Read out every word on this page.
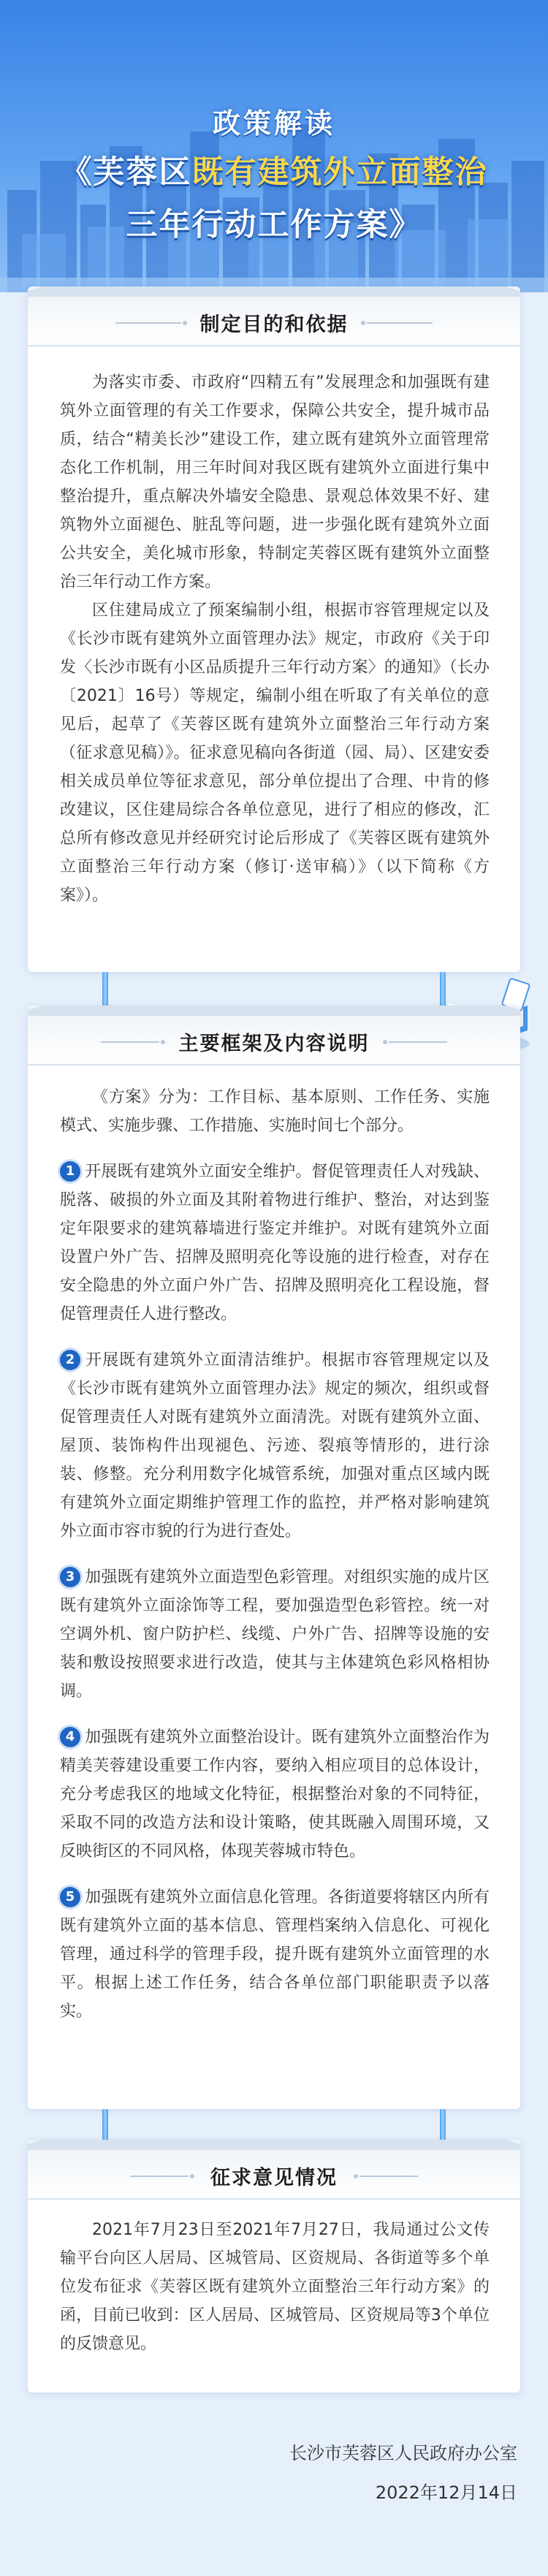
政策解读
《芙蓉区既有建筑外立面整治
三年行动工作方案》
制定目的和依据

为落实市委、市政府“四精五有”发展理念和加强既有建筑外立面管理的有关工作要求，保障公共安全，提升城市品质，结合“精美长沙”建设工作，建立既有建筑外立面管理常态化工作机制，用三年时间对我区既有建筑外立面进行集中整治提升，重点解决外墙安全隐患、景观总体效果不好、建筑物外立面褪色、脏乱等问题，进一步强化既有建筑外立面公共安全，美化城市形象，特制定芙蓉区既有建筑外立面整治三年行动工作方案。

区住建局成立了预案编制小组，根据市容管理规定以及《长沙市既有建筑外立面管理办法》规定，市政府《关于印发〈长沙市既有小区品质提升三年行动方案〉的通知》（长办〔2021〕16号）等规定，编制小组在听取了有关单位的意见后，起草了《芙蓉区既有建筑外立面整治三年行动方案（征求意见稿）》。征求意见稿向各街道（园、局）、区建安委相关成员单位等征求意见，部分单位提出了合理、中肯的修改建议，区住建局综合各单位意见，进行了相应的修改，汇总所有修改意见并经研究讨论后形成了《芙蓉区既有建筑外立面整治三年行动方案（修订·送审稿）》（以下简称《方案》）。

主要框架及内容说明

《方案》分为：工作目标、基本原则、工作任务、实施模式、实施步骤、工作措施、实施时间七个部分。

1 开展既有建筑外立面安全维护。督促管理责任人对残缺、脱落、破损的外立面及其附着物进行维护、整治，对达到鉴定年限要求的建筑幕墙进行鉴定并维护。对既有建筑外立面设置户外广告、招牌及照明亮化等设施的进行检查，对存在安全隐患的外立面户外广告、招牌及照明亮化工程设施，督促管理责任人进行整改。

2 开展既有建筑外立面清洁维护。根据市容管理规定以及《长沙市既有建筑外立面管理办法》规定的频次，组织或督促管理责任人对既有建筑外立面清洗。对既有建筑外立面、屋顶、装饰构件出现褪色、污迹、裂痕等情形的，进行涂装、修整。充分利用数字化城管系统，加强对重点区域内既有建筑外立面定期维护管理工作的监控，并严格对影响建筑外立面市容市貌的行为进行查处。

3 加强既有建筑外立面造型色彩管理。对组织实施的成片区既有建筑外立面涂饰等工程，要加强造型色彩管控。统一对空调外机、窗户防护栏、线缆、户外广告、招牌等设施的安装和敷设按照要求进行改造，使其与主体建筑色彩风格相协调。

4 加强既有建筑外立面整治设计。既有建筑外立面整治作为精美芙蓉建设重要工作内容，要纳入相应项目的总体设计，充分考虑我区的地域文化特征，根据整治对象的不同特征，采取不同的改造方法和设计策略，使其既融入周围环境，又反映街区的不同风格，体现芙蓉城市特色。

5 加强既有建筑外立面信息化管理。各街道要将辖区内所有既有建筑外立面的基本信息、管理档案纳入信息化、可视化管理，通过科学的管理手段，提升既有建筑外立面管理的水平。根据上述工作任务，结合各单位部门职能职责予以落实。

征求意见情况

2021年7月23日至2021年7月27日，我局通过公文传输平台向区人居局、区城管局、区资规局、各街道等多个单位发布征求《芙蓉区既有建筑外立面整治三年行动方案》的函，目前已收到：区人居局、区城管局、区资规局等3个单位的反馈意见。

长沙市芙蓉区人民政府办公室
2022年12月14日
